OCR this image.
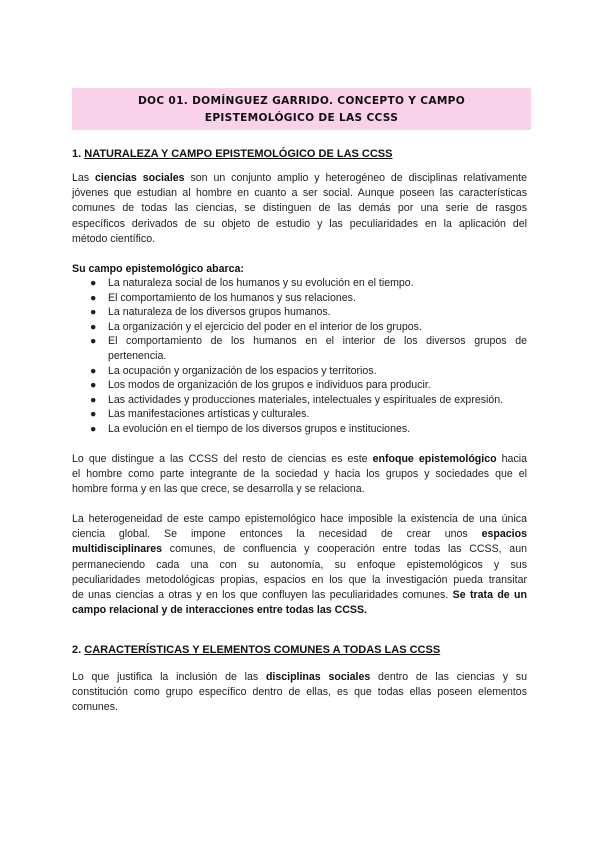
DOC 01. DOMÍNGUEZ GARRIDO. CONCEPTO Y CAMPO
EPISTEMOLÓGICO DE LAS CCSS
1. NATURALEZA Y CAMPO EPISTEMOLÓGICO DE LAS CCSS
Las ciencias sociales son un conjunto amplio y heterogéneo de disciplinas relativamente
jóvenes que estudian al hombre en cuanto a ser social. Aunque poseen las características
comunes de todas las ciencias, se distinguen de las demás por una serie de rasgos
específicos derivados de su objeto de estudio y las peculiaridades en la aplicación del
método científico.
Su campo epistemológico abarca:
● La naturaleza social de los humanos y su evolución en el tiempo.
● El comportamiento de los humanos y sus relaciones.
● La naturaleza de los diversos grupos humanos.
● La organización y el ejercicio del poder en el interior de los grupos.
● El comportamiento de los humanos en el interior de los diversos grupos de
pertenencia.
● La ocupación y organización de los espacios y territorios.
● Los modos de organización de los grupos e individuos para producir.
● Las actividades y producciones materiales, intelectuales y espirituales de expresión.
● Las manifestaciones artísticas y culturales.
● La evolución en el tiempo de los diversos grupos e instituciones.
Lo que distingue a las CCSS del resto de ciencias es este enfoque epistemológico hacia
el hombre como parte integrante de la sociedad y hacia los grupos y sociedades que el
hombre forma y en las que crece, se desarrolla y se relaciona.
La heterogeneidad de este campo epistemológico hace imposible la existencia de una única
ciencia global. Se impone entonces la necesidad de crear unos espacios
multidisciplinares comunes, de confluencia y cooperación entre todas las CCSS, aun
permaneciendo cada una con su autonomía, su enfoque epistemológicos y sus
peculiaridades metodológicas propias, espacios en los que la investigación pueda transitar
de unas ciencias a otras y en los que confluyen las peculiaridades comunes. Se trata de un
campo relacional y de interacciones entre todas las CCSS.
2. CARACTERÍSTICAS Y ELEMENTOS COMUNES A TODAS LAS CCSS
Lo que justifica la inclusión de las disciplinas sociales dentro de las ciencias y su
constitución como grupo específico dentro de ellas, es que todas ellas poseen elementos
comunes.
